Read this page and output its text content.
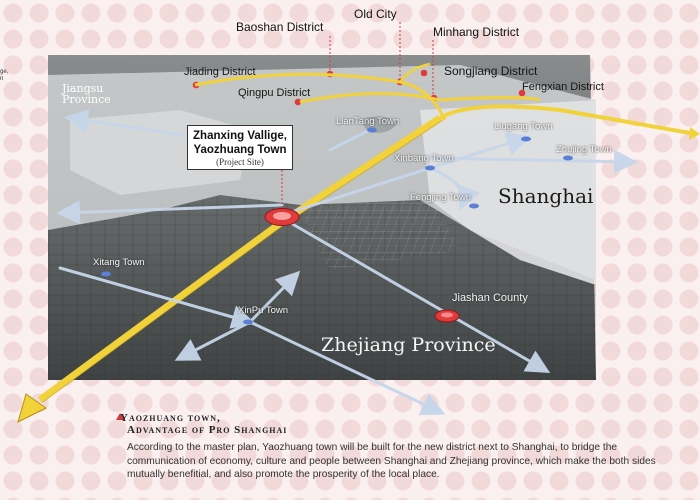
ge,
n
Baoshan District
Old City
Minhang District
Jiading District
Qingpu District
Songjiang District
Fengxian District
LianTang Town	Liugang Town
Zhujing Town
Xinbang Town
Fengjing Town
Xitang Town
XinPu Town
Jiashan County
Jiangsu
Province
Shanghai
Zhejiang Province
Zhanxing Vallige,
Yaozhuang Town
(Project Site)
Yaozhuang town,
Advantage of Pro Shanghai
According to the master plan, Yaozhuang town will be built for the new district next to Shanghai, to bridge the communication of economy, culture and people between Shanghai and Zhejiang province, which make the both sides mutually benefitial, and also promote the prosperity of the local place.
